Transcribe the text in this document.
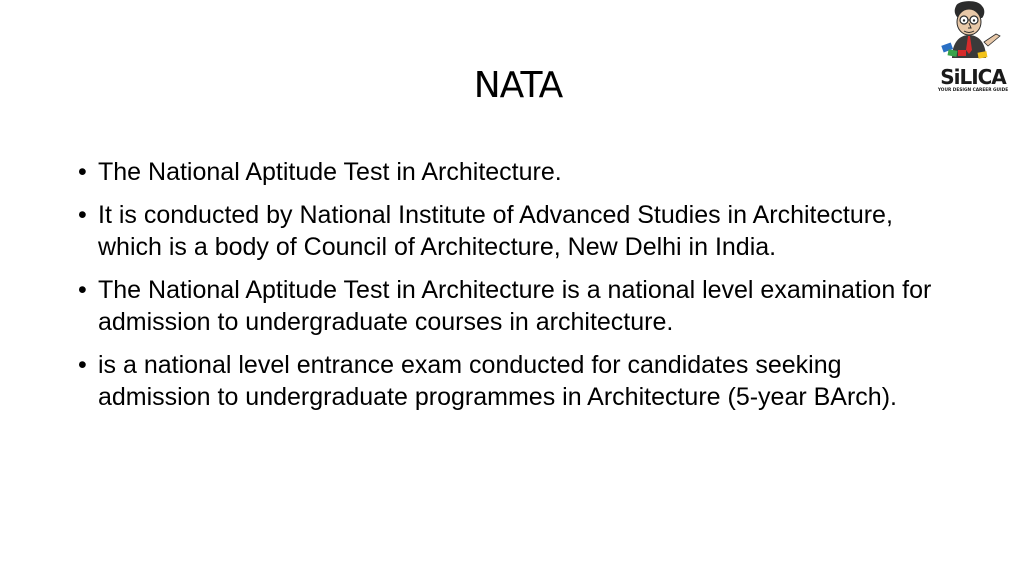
NATA	SiLICA
YOUR DESIGN CAREER GUIDE
• The National Aptitude Test in Architecture.
• It is conducted by National Institute of Advanced Studies in Architecture, which is a body of Council of Architecture, New Delhi in India.
• The National Aptitude Test in Architecture is a national level examination for admission to undergraduate courses in architecture.
• is a national level entrance exam conducted for candidates seeking admission to undergraduate programmes in Architecture (5-year BArch).
